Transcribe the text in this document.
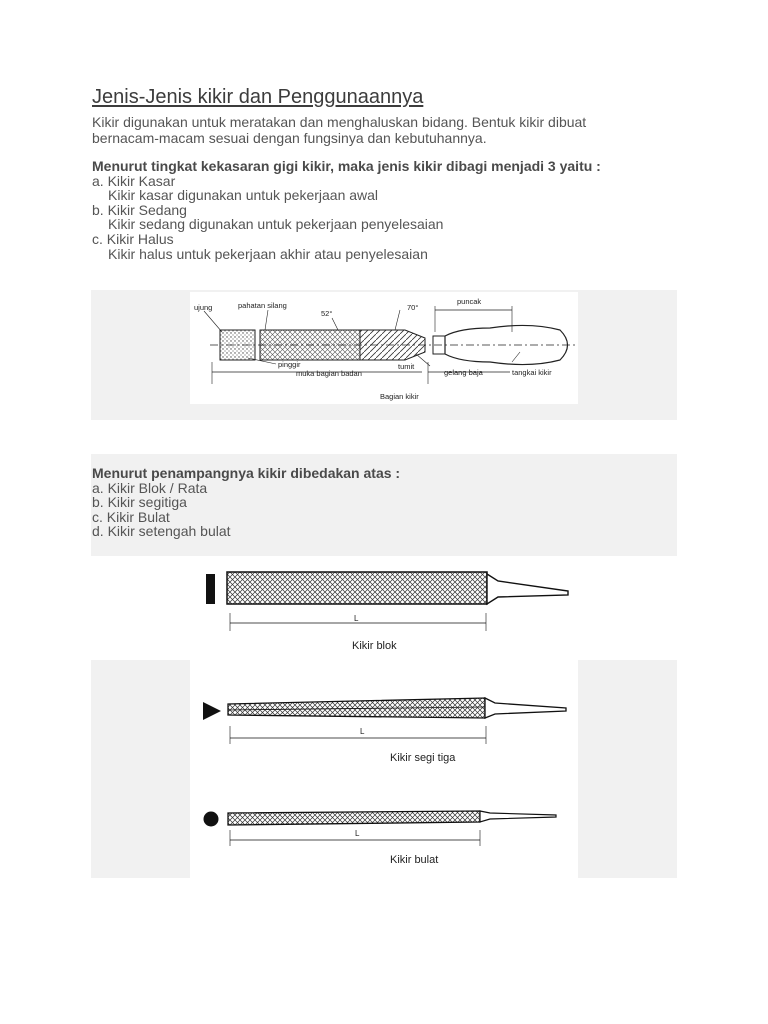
Jenis-Jenis kikir dan Penggunaannya
Kikir digunakan untuk meratakan dan menghaluskan bidang. Bentuk kikir dibuat bernacam-macam sesuai dengan fungsinya dan kebutuhannya.
Menurut tingkat kekasaran gigi kikir, maka jenis kikir dibagi menjadi 3 yaitu :
a. Kikir Kasar
Kikir kasar digunakan untuk pekerjaan awal
b. Kikir Sedang
Kikir sedang digunakan untuk pekerjaan penyelesaian
c. Kikir Halus
Kikir halus untuk pekerjaan akhir atau penyelesaian
ujung	pahatan silang
52°
70°
puncak
pinggir
muka bagian badan
tumit
gelang baja	tangkai kikir
Bagian kikir
Menurut penampangnya kikir dibedakan atas :
a. Kikir Blok / Rata
b. Kikir segitiga
c. Kikir Bulat
d. Kikir setengah bulat
L
Kikir blok
L
Kikir segi tiga
L
Kikir bulat
